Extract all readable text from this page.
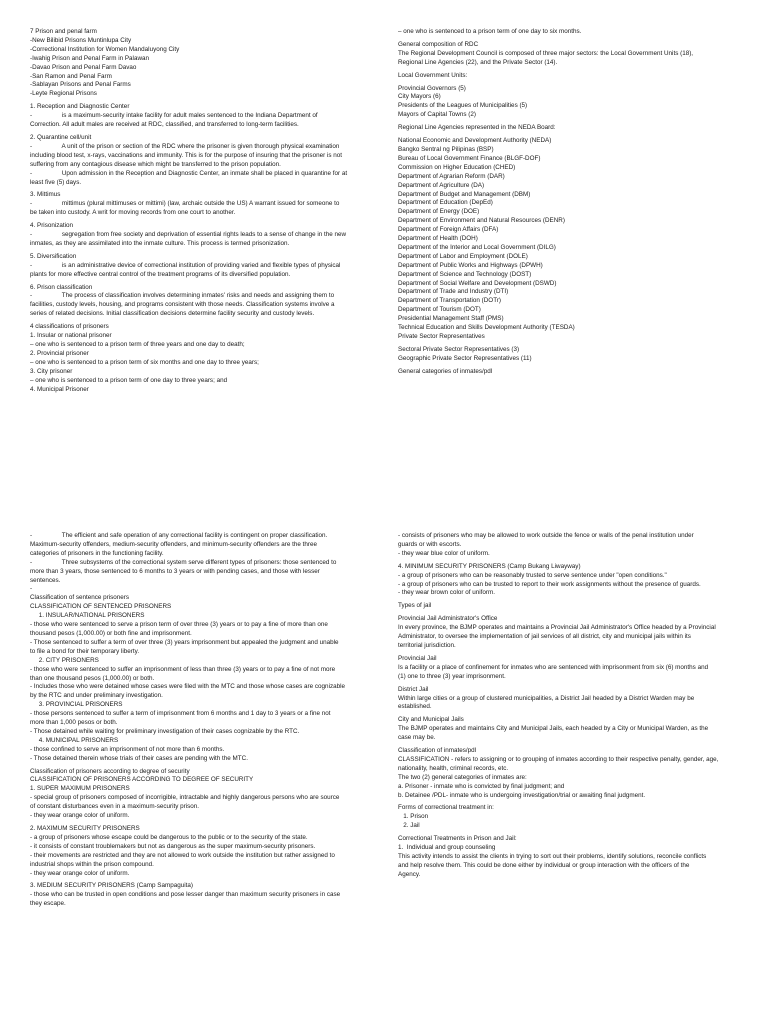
7 Prison and penal farm
-New Bilibid Prisons Muntinlupa City
-Correctional Institution for Women Mandaluyong City
-Iwahig Prison and Penal Farm in Palawan
-Davao Prison and Penal Farm Davao
-San Ramon and Penal Farm
-Sablayan Prisons and Penal Farms
-Leyte Regional Prisons
1. Reception and Diagnostic Center
-                 is a maximum-security intake facility for adult males sentenced to the Indiana Department of
Correction. All adult males are received at RDC, classified, and transferred to long-term facilities.
2. Quarantine cell/unit
-                 A unit of the prison or section of the RDC where the prisoner is given thorough physical examination
including blood test, x-rays, vaccinations and immunity. This is for the purpose of insuring that the prisoner is not
suffering from any contagious disease which might be transferred to the prison population.
-                 Upon admission in the Reception and Diagnostic Center, an inmate shall be placed in quarantine for at
least five (5) days.
3. Mittimus
-                 mittimus (plural mittimuses or mittimi) (law, archaic outside the US) A warrant issued for someone to
be taken into custody. A writ for moving records from one court to another.
4. Prisonization
-                 segregation from free society and deprivation of essential rights leads to a sense of change in the new
inmates, as they are assimilated into the inmate culture. This process is termed prisonization.
5. Diversification
-                 is an administrative device of correctional institution of providing varied and flexible types of physical
plants for more effective central control of the treatment programs of its diversified population.
6. Prison classification
-                 The process of classification involves determining inmates' risks and needs and assigning them to
facilities, custody levels, housing, and programs consistent with those needs. Classification systems involve a
series of related decisions. Initial classification decisions determine facility security and custody levels.
4 classifications of prisoners
1. Insular or national prisoner
– one who is sentenced to a prison term of three years and one day to death;
2. Provincial prisoner
– one who is sentenced to a prison term of six months and one day to three years;
3. City prisoner
– one who is sentenced to a prison term of one day to three years; and
4. Municipal Prisoner
– one who is sentenced to a prison term of one day to six months.
General composition of RDC
The Regional Development Council is composed of three major sectors: the Local Government Units (18),
Regional Line Agencies (22), and the Private Sector (14).
Local Government Units:
Provincial Governors (5)
City Mayors (6)
Presidents of the Leagues of Municipalities (5)
Mayors of Capital Towns (2)
Regional Line Agencies represented in the NEDA Board:
National Economic and Development Authority (NEDA)
Bangko Sentral ng Pilipinas (BSP)
Bureau of Local Government Finance (BLGF-DOF)
Commission on Higher Education (CHED)
Department of Agrarian Reform (DAR)
Department of Agriculture (DA)
Department of Budget and Management (DBM)
Department of Education (DepEd)
Department of Energy (DOE)
Department of Environment and Natural Resources (DENR)
Department of Foreign Affairs (DFA)
Department of Health (DOH)
Department of the Interior and Local Government (DILG)
Department of Labor and Employment (DOLE)
Department of Public Works and Highways (DPWH)
Department of Science and Technology (DOST)
Department of Social Welfare and Development (DSWD)
Department of Trade and Industry (DTI)
Department of Transportation (DOTr)
Department of Tourism (DOT)
Presidential Management Staff (PMS)
Technical Education and Skills Development Authority (TESDA)
Private Sector Representatives
Sectoral Private Sector Representatives (3)
Geographic Private Sector Representatives (11)
General categories of inmates/pdl
-                 The efficient and safe operation of any correctional facility is contingent on proper classification.
Maximum-security offenders, medium-security offenders, and minimum-security offenders are the three
categories of prisoners in the functioning facility.
-                 Three subsystems of the correctional system serve different types of prisoners: those sentenced to
more than 3 years, those sentenced to 6 months to 3 years or with pending cases, and those with lesser
sentences.
-
Classification of sentence prisoners
CLASSIFICATION OF SENTENCED PRISONERS
1. INSULAR/NATIONAL PRISONERS
- those who were sentenced to serve a prison term of over three (3) years or to pay a fine of more than one
thousand pesos (1,000.00) or both fine and imprisonment.
- Those sentenced to suffer a term of over three (3) years imprisonment but appealed the judgment and unable
to file a bond for their temporary liberty.
2. CITY PRISONERS
- those who were sentenced to suffer an imprisonment of less than three (3) years or to pay a fine of not more
than one thousand pesos (1,000.00) or both.
- Includes those who were detained whose cases were filed with the MTC and those whose cases are cognizable
by the RTC and under preliminary investigation.
3. PROVINCIAL PRISONERS
- those persons sentenced to suffer a term of imprisonment from 6 months and 1 day to 3 years or a fine not
more than 1,000 pesos or both.
- Those detained while waiting for preliminary investigation of their cases cognizable by the RTC.
4. MUNICIPAL PRISONERS
- those confined to serve an imprisonment of not more than 6 months.
- Those detained therein whose trials of their cases are pending with the MTC.
Classification of prisoners according to degree of security
CLASSIFICATION OF PRISONERS ACCORDING TO DEGREE OF SECURITY
1. SUPER MAXIMUM PRISONERS
- special group of prisoners composed of incorrigible, intractable and highly dangerous persons who are source
of constant disturbances even in a maximum-security prison.
- they wear orange color of uniform.
2. MAXIMUM SECURITY PRISONERS
- a group of prisoners whose escape could be dangerous to the public or to the security of the state.
- it consists of constant troublemakers but not as dangerous as the super maximum-security prisoners.
- their movements are restricted and they are not allowed to work outside the institution but rather assigned to
industrial shops within the prison compound.
- they wear orange color of uniform.
3. MEDIUM SECURITY PRISONERS (Camp Sampaguita)
- those who can be trusted in open conditions and pose lesser danger than maximum security prisoners in case
they escape.
- consists of prisoners who may be allowed to work outside the fence or walls of the penal institution under
guards or with escorts.
- they wear blue color of uniform.
4. MINIMUM SECURITY PRISONERS (Camp Bukang Liwayway)
- a group of prisoners who can be reasonably trusted to serve sentence under "open conditions."
- a group of prisoners who can be trusted to report to their work assignments without the presence of guards.
- they wear brown color of uniform.
Types of jail
Provincial Jail Administrator's Office
In every province, the BJMP operates and maintains a Provincial Jail Administrator's Office headed by a Provincial
Administrator, to oversee the implementation of jail services of all district, city and municipal jails within its
territorial jurisdiction.
Provincial Jail
Is a facility or a place of confinement for inmates who are sentenced with imprisonment from six (6) months and
(1) one to three (3) year imprisonment.
District Jail
Within large cities or a group of clustered municipalities, a District Jail headed by a District Warden may be
established.
City and Municipal Jails
The BJMP operates and maintains City and Municipal Jails, each headed by a City or Municipal Warden, as the
case may be.
Classification of inmates/pdl
CLASSIFICATION - refers to assigning or to grouping of inmates according to their respective penalty, gender, age,
nationality, health, criminal records, etc.
The two (2) general categories of inmates are:
a. Prisoner - inmate who is convicted by final judgment; and
b. Detainee /PDL- inmate who is undergoing investigation/trial or awaiting final judgment.
Forms of correctional treatment in:
1. Prison
2. Jail
Correctional Treatments in Prison and Jail:
1.  Individual and group counseling
This activity intends to assist the clients in trying to sort out their problems, identify solutions, reconcile conflicts
and help resolve them. This could be done either by individual or group interaction with the officers of the
Agency.
